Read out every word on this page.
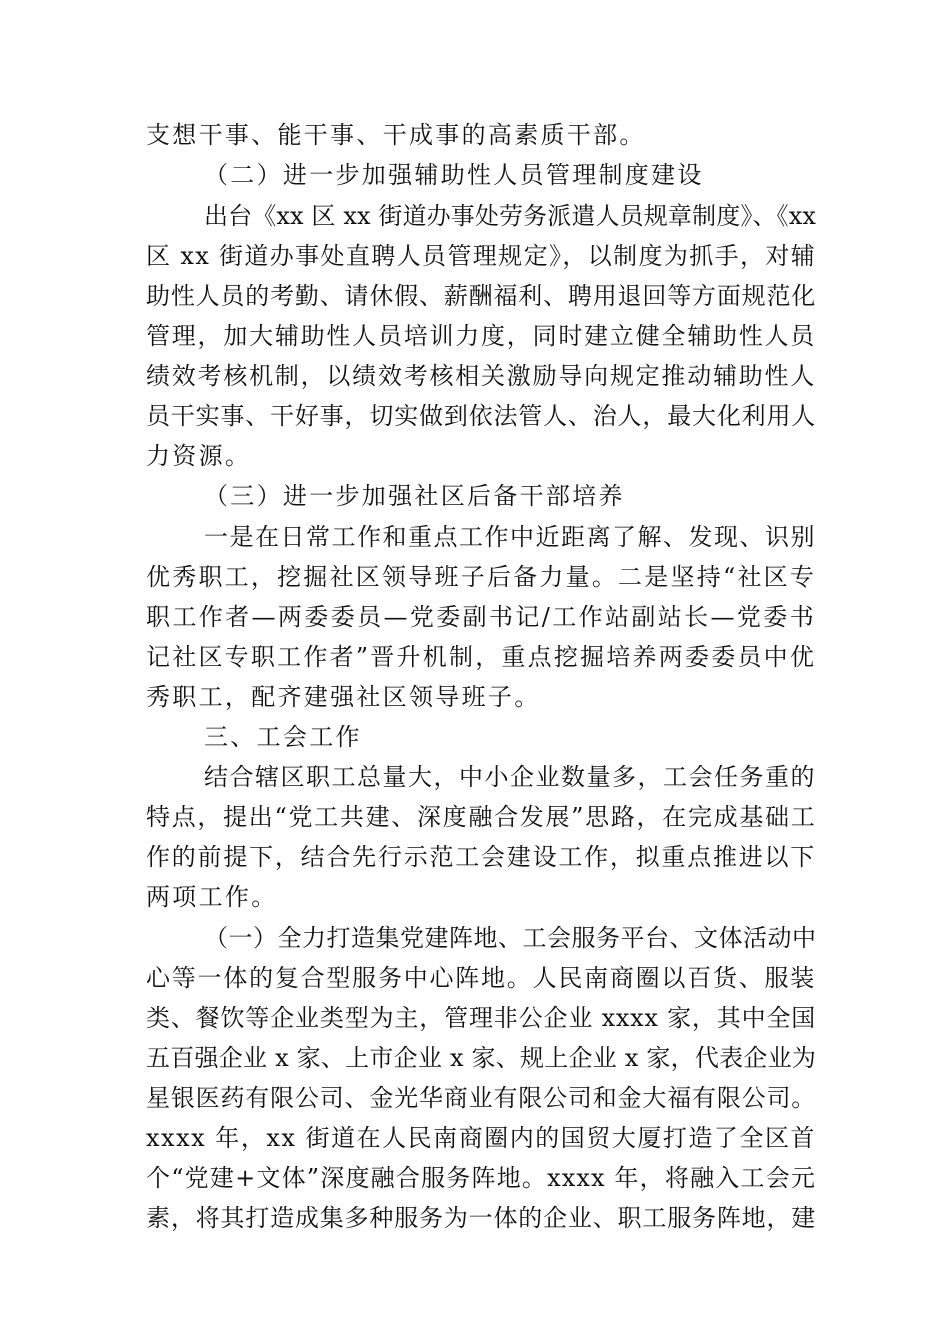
支想干事、能干事、干成事的高素质干部。
（二）进一步加强辅助性人员管理制度建设
出台《xx 区 xx 街道办事处劳务派遣人员规章制度》、《xx
区 xx 街道办事处直聘人员管理规定》，以制度为抓手，对辅
助性人员的考勤、请休假、薪酬福利、聘用退回等方面规范化
管理，加大辅助性人员培训力度，同时建立健全辅助性人员
绩效考核机制，以绩效考核相关激励导向规定推动辅助性人
员干实事、干好事，切实做到依法管人、治人，最大化利用人
力资源。
（三）进一步加强社区后备干部培养
一是在日常工作和重点工作中近距离了解、发现、识别
优秀职工，挖掘社区领导班子后备力量。二是坚持“社区专
职工作者—两委委员—党委副书记/工作站副站长—党委书
记社区专职工作者”晋升机制，重点挖掘培养两委委员中优
秀职工，配齐建强社区领导班子。
三、工会工作
结合辖区职工总量大，中小企业数量多，工会任务重的
特点，提出“党工共建、深度融合发展”思路，在完成基础工
作的前提下，结合先行示范工会建设工作，拟重点推进以下
两项工作。
（一）全力打造集党建阵地、工会服务平台、文体活动中
心等一体的复合型服务中心阵地。人民南商圈以百货、服装
类、餐饮等企业类型为主，管理非公企业 xxxx 家，其中全国
五百强企业 x 家、上市企业 x 家、规上企业 x 家，代表企业为
星银医药有限公司、金光华商业有限公司和金大福有限公司。
xxxx 年，xx 街道在人民南商圈内的国贸大厦打造了全区首
个“党建+文体”深度融合服务阵地。xxxx 年，将融入工会元
素，将其打造成集多种服务为一体的企业、职工服务阵地，建
